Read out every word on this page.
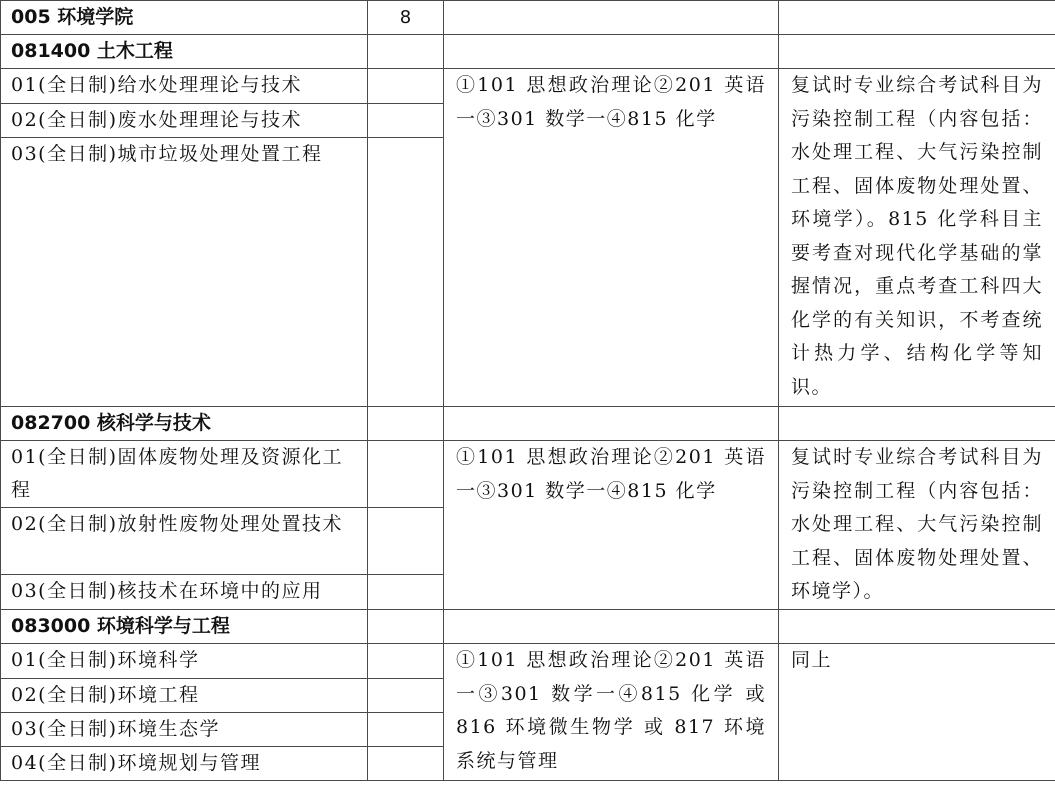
005 环境学院	8		
081400 土木工程			
01(全日制)给水处理理论与技术		①101 思想政治理论②201 英语一③301 数学一④815 化学	复试时专业综合考试科目为污染控制工程（内容包括：水处理工程、大气污染控制工程、固体废物处理处置、环境学）。815 化学科目主要考查对现代化学基础的掌握情况，重点考查工科四大化学的有关知识，不考查统计热力学、结构化学等知识。
02(全日制)废水处理理论与技术			
03(全日制)城市垃圾处理处置工程			
082700 核科学与技术			
01(全日制)固体废物处理及资源化工程		①101 思想政治理论②201 英语一③301 数学一④815 化学	复试时专业综合考试科目为污染控制工程（内容包括：水处理工程、大气污染控制工程、固体废物处理处置、环境学）。
02(全日制)放射性废物处理处置技术			
03(全日制)核技术在环境中的应用			
083000 环境科学与工程			
01(全日制)环境科学		①101 思想政治理论②201 英语一③301 数学一④815 化学 或 816 环境微生物学 或 817 环境系统与管理	同上
02(全日制)环境工程			
03(全日制)环境生态学			
04(全日制)环境规划与管理			
